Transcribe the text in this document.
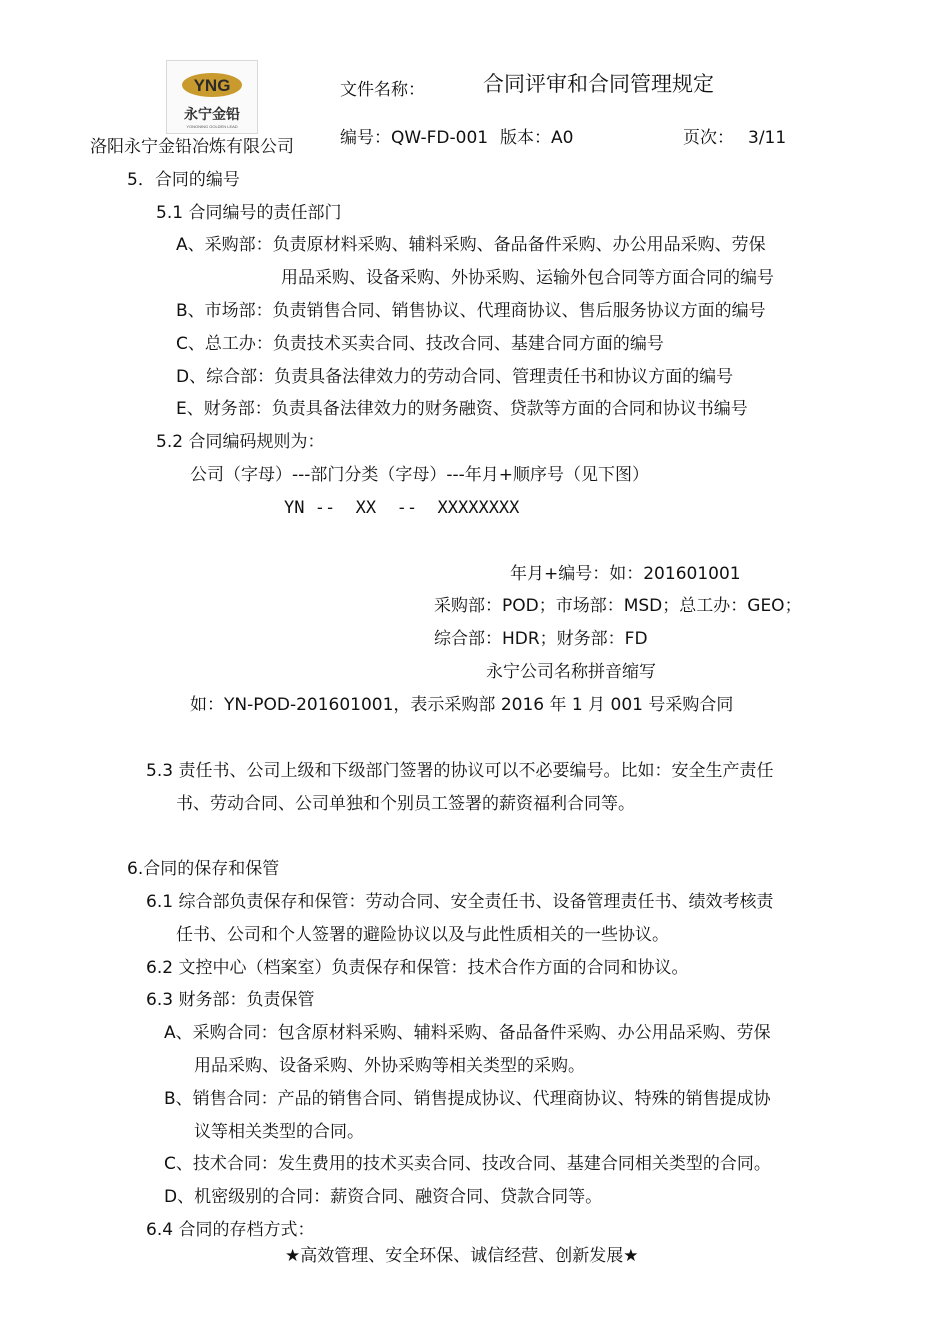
YNG
永宁金铅
YONGNING GOLDEN LEAD
文件名称：	合同评审和合同管理规定
洛阳永宁金铅冶炼有限公司	编号：QW-FD-001 版本：A0	页次： 3/11
5．合同的编号
5.1 合同编号的责任部门
A、采购部：负责原材料采购、辅料采购、备品备件采购、办公用品采购、劳保
用品采购、设备采购、外协采购、运输外包合同等方面合同的编号
B、市场部：负责销售合同、销售协议、代理商协议、售后服务协议方面的编号
C、总工办：负责技术买卖合同、技改合同、基建合同方面的编号
D、综合部：负责具备法律效力的劳动合同、管理责任书和协议方面的编号
E、财务部：负责具备法律效力的财务融资、贷款等方面的合同和协议书编号
5.2 合同编码规则为：
公司（字母）---部门分类（字母）---年月+顺序号（见下图）
YN --  XX  --  XXXXXXXX
年月+编号：如：201601001
采购部：POD；市场部：MSD；总工办：GEO；
综合部：HDR；财务部：FD
永宁公司名称拼音缩写
如：YN-POD-201601001，表示采购部 2016 年 1 月 001 号采购合同
5.3 责任书、公司上级和下级部门签署的协议可以不必要编号。比如：安全生产责任
书、劳动合同、公司单独和个别员工签署的薪资福利合同等。
6.合同的保存和保管
6.1 综合部负责保存和保管：劳动合同、安全责任书、设备管理责任书、绩效考核责
任书、公司和个人签署的避险协议以及与此性质相关的一些协议。
6.2 文控中心（档案室）负责保存和保管：技术合作方面的合同和协议。
6.3 财务部：负责保管
A、采购合同：包含原材料采购、辅料采购、备品备件采购、办公用品采购、劳保
用品采购、设备采购、外协采购等相关类型的采购。
B、销售合同：产品的销售合同、销售提成协议、代理商协议、特殊的销售提成协
议等相关类型的合同。
C、技术合同：发生费用的技术买卖合同、技改合同、基建合同相关类型的合同。
D、机密级别的合同：薪资合同、融资合同、贷款合同等。
6.4 合同的存档方式：
★高效管理、安全环保、诚信经营、创新发展★
